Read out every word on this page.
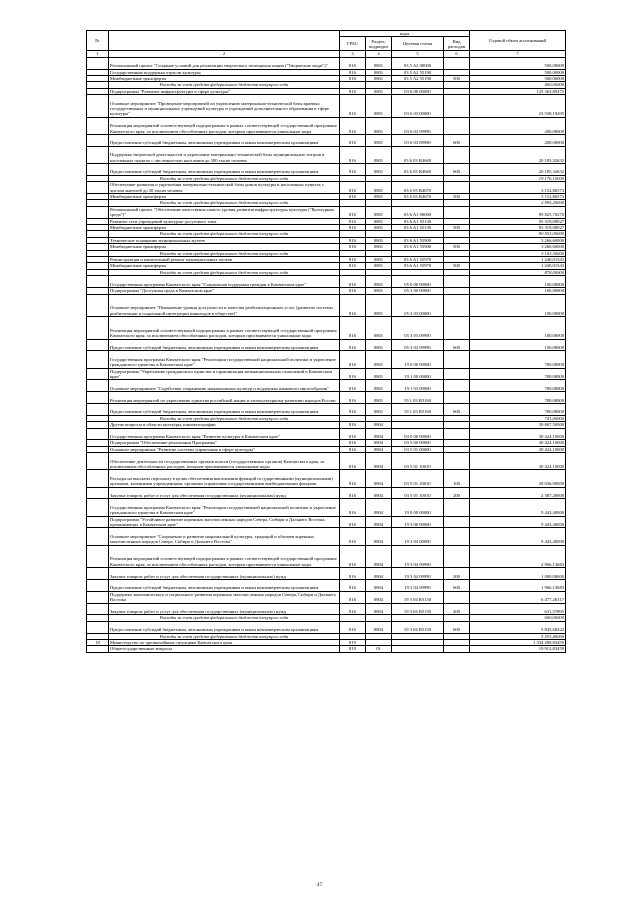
№		коды				Годовой объем ассигнований
		ГРБС	Раздел, подраздел	Целевая статья	Вид расходов	
1	2	3	4	5	6	7
	Региональный проект "Создание условий для реализации творческого потенциала нации ("Творческие люди")"	816	0801	03 5 A2 00000		500,00000
	Государственная поддержка отрасли культуры	816	0801	03 5 A2 55190		500,00000
	Межбюджетные трансферты	816	0801	03 5 A2 55190	500	500,00000
	Расходы за счет средств федерального бюджета текущего года					400,00000
	Подпрограмма "Развитие инфраструктуры в сфере культуры"	816	0801	03 6 00 00000		125 363,89475
	Основное мероприятие "Проведение мероприятий по укреплению материально-технической базы краевых государственных и муниципальных учреждений культуры и учреждений дополнительного образования в сфере культуры"	816	0801	03 6 03 00000		23 538,19205
	Реализация мероприятий соответствующей подпрограммы в рамках соответствующей государственной программы Камчатского края, за исключением обособленных расходов, которым присваиваются уникальные коды	816	0801	03 6 03 09990		200,00000
	Предоставление субсидий бюджетным, автономным учреждениям и иным некоммерческим организациям	816	0801	03 6 03 09990	600	200,00000
	Поддержка творческой деятельности и укрепление материально-технической базы муниципальных театров в населенных пунктах с численностью населения до 300 тысяч человек	816	0801	03 6 03 R4660		20 185,32632
	Предоставление субсидий бюджетным, автономным учреждениям и иным некоммерческим организациям	816	0801	03 6 03 R4660	600	20 185,32632
	Расходы за счет средств федерального бюджета текущего года					19 176,10000
	Обеспечение развития и укрепления материально-технической базы домов культуры в населенных пунктах с числом жителей до 50 тысяч человек	816	0801	03 6 03 R4670		3 152,86573
	Межбюджетные трансферты	816	0801	03 6 03 R4670	500	3 152,86573
	Расходы за счет средств федерального бюджета текущего года					2 995,20000
	Региональный проект "Обеспечение качественно нового уровня развития инфраструктуры культуры ("Культурная среда")"	816	0801	03 6 A1 00000		99 825,70270
	Развитие сети учреждений культурно-досугового типа	816	0801	03 6 A1 55130		95 319,08927
	Межбюджетные трансферты	816	0801	03 6 A1 55130	500	95 319,08927
	Расходы за счет средств федерального бюджета текущего года					90 553,00000
	Техническое оснащение муниципальных музеев	816	0801	03 6 A1 55900		3 266,60000
	Межбюджетные трансферты	816	0801	03 6 A1 55900	500	3 266,60000
	Расходы за счет средств федерального бюджета текущего года					3 103,30000
	Реконструкция и капитальный ремонт муниципальных музеев	816	0801	03 6 A1 55970		1 240,01343
	Межбюджетные трансферты	816	0801	03 6 A1 55970	500	1 240,01343
	Расходы за счет средств федерального бюджета текущего года					878,00000
	Государственная программа Камчатского края "Социальная поддержка граждан в Камчатском крае"	816	0801	05 0 00 00000		100,00000
	Подпрограмма "Доступная среда в Камчатском крае"	816	0801	05 3 00 00000		100,00000
	Основное мероприятие "Повышение уровня доступности и качества реабилитационных услуг (развитие системы реабилитации и социальной интеграции инвалидов в обществе)"	816	0801	05 3 03 00000		100,00000
	Реализация мероприятий соответствующей подпрограммы в рамках соответствующей государственной программы Камчатского края, за исключением обособленных расходов, которым присваиваются уникальные коды	816	0801	05 3 03 09990		100,00000
	Предоставление субсидий бюджетным, автономным учреждениям и иным некоммерческим организациям	816	0801	05 3 03 09990	600	100,00000
	Государственная программа Камчатского края "Реализация государственной национальной политики и укрепление гражданского единства в Камчатском крае"	816	0801	19 0 00 00000		780,00000
	Подпрограмма "Укрепление гражданского единства и гармонизация межнациональных отношений в Камчатском крае"	816	0801	19 1 00 00000		780,00000
	Основное мероприятие "Содействие сохранению национальных культур и поддержка языкового многообразия"	816	0801	19 1 03 00000		780,00000
	Реализация мероприятий по укреплению единства российской нации и этнокультурному развитию народов России	816	0801	19 1 03 R5160		780,00000
	Предоставление субсидий бюджетным, автономным учреждениям и иным некоммерческим организациям	816	0801	19 1 03 R5160	600	780,00000
	Расходы за счет средств федерального бюджета текущего года					741,00000
	Другие вопросы в области культуры, кинематографии	816	0804			39 867,50000
	Государственная программа Камчатского края "Развитие культуры в Камчатском крае"	816	0804	03 0 00 00000		30 424,10000
	Подпрограмма "Обеспечение реализации Программы"	816	0804	03 5 00 00000		30 424,10000
	Основное мероприятие "Развитие системы управления в сфере культуры"	816	0804	03 5 01 00000		30 424,10000
	Обеспечение деятельности государственных органов власти (государственных органов) Камчатского края, за исключением обособленных расходов, которым присваиваются уникальные коды	816	0804	03 5 01 10010		30 424,10000
	Расходы на выплаты персоналу в целях обеспечения выполнения функций государственными (муниципальными) органами, казенными учреждениями, органами управления государственными внебюджетными фондами	816	0804	03 5 01 10010	100	28 036,90000
	Закупка товаров, работ и услуг для обеспечения государственных (муниципальных) нужд	816	0804	03 5 01 10010	200	2 387,20000
	Государственная программа Камчатского края "Реализация государственной национальной политики и укрепление гражданского единства в Камчатском крае"	816	0804	19 0 00 00000		9 443,40000
	Подпрограмма "Устойчивое развитие коренных малочисленных народов Севера, Сибири и Дальнего Востока, проживающих в Камчатском крае"	816	0804	19 3 00 00000		9 443,40000
	Основное мероприятие "Сохранение и развитие национальной культуры, традиций и обычаев коренных малочисленных народов Севера, Сибири и Дальнего Востока"	816	0804	19 3 04 00000		9 443,40000
	Реализация мероприятий соответствующей подпрограммы в рамках соответствующей государственной программы Камчатского края, за исключением обособленных расходов, которым присваиваются уникальные коды	816	0804	19 3 04 09990		2 966,13683
	Закупка товаров, работ и услуг для обеспечения государственных (муниципальных) нужд	816	0804	19 3 04 09990	200	1 000,00000
	Предоставление субсидий бюджетным, автономным учреждениям и иным некоммерческим организациям	816	0804	19 3 04 09990	600	1 966,13683
	Поддержка экономического и социального развития коренных малочисленных народов Севера, Сибири и Дальнего Востока	816	0804	19 3 04 R5150		6 477,26317
	Закупка товаров, работ и услуг для обеспечения государственных (муниципальных) нужд	816	0804	19 3 04 R5150	200	631,57895
	Расходы за счет средств федерального бюджета текущего года					600,00000
	Предоставление субсидий бюджетным, автономным учреждениям и иным некоммерческим организациям	816	0804	19 3 04 R5150	600	5 845,68422
	Расходы за счет средств федерального бюджета текущего года					5 553,40000
18	Министерство по чрезвычайным ситуациям Камчатского края	819				1 334 288,83459
	Общегосударственные вопросы	819	01			19 912,83459
47
